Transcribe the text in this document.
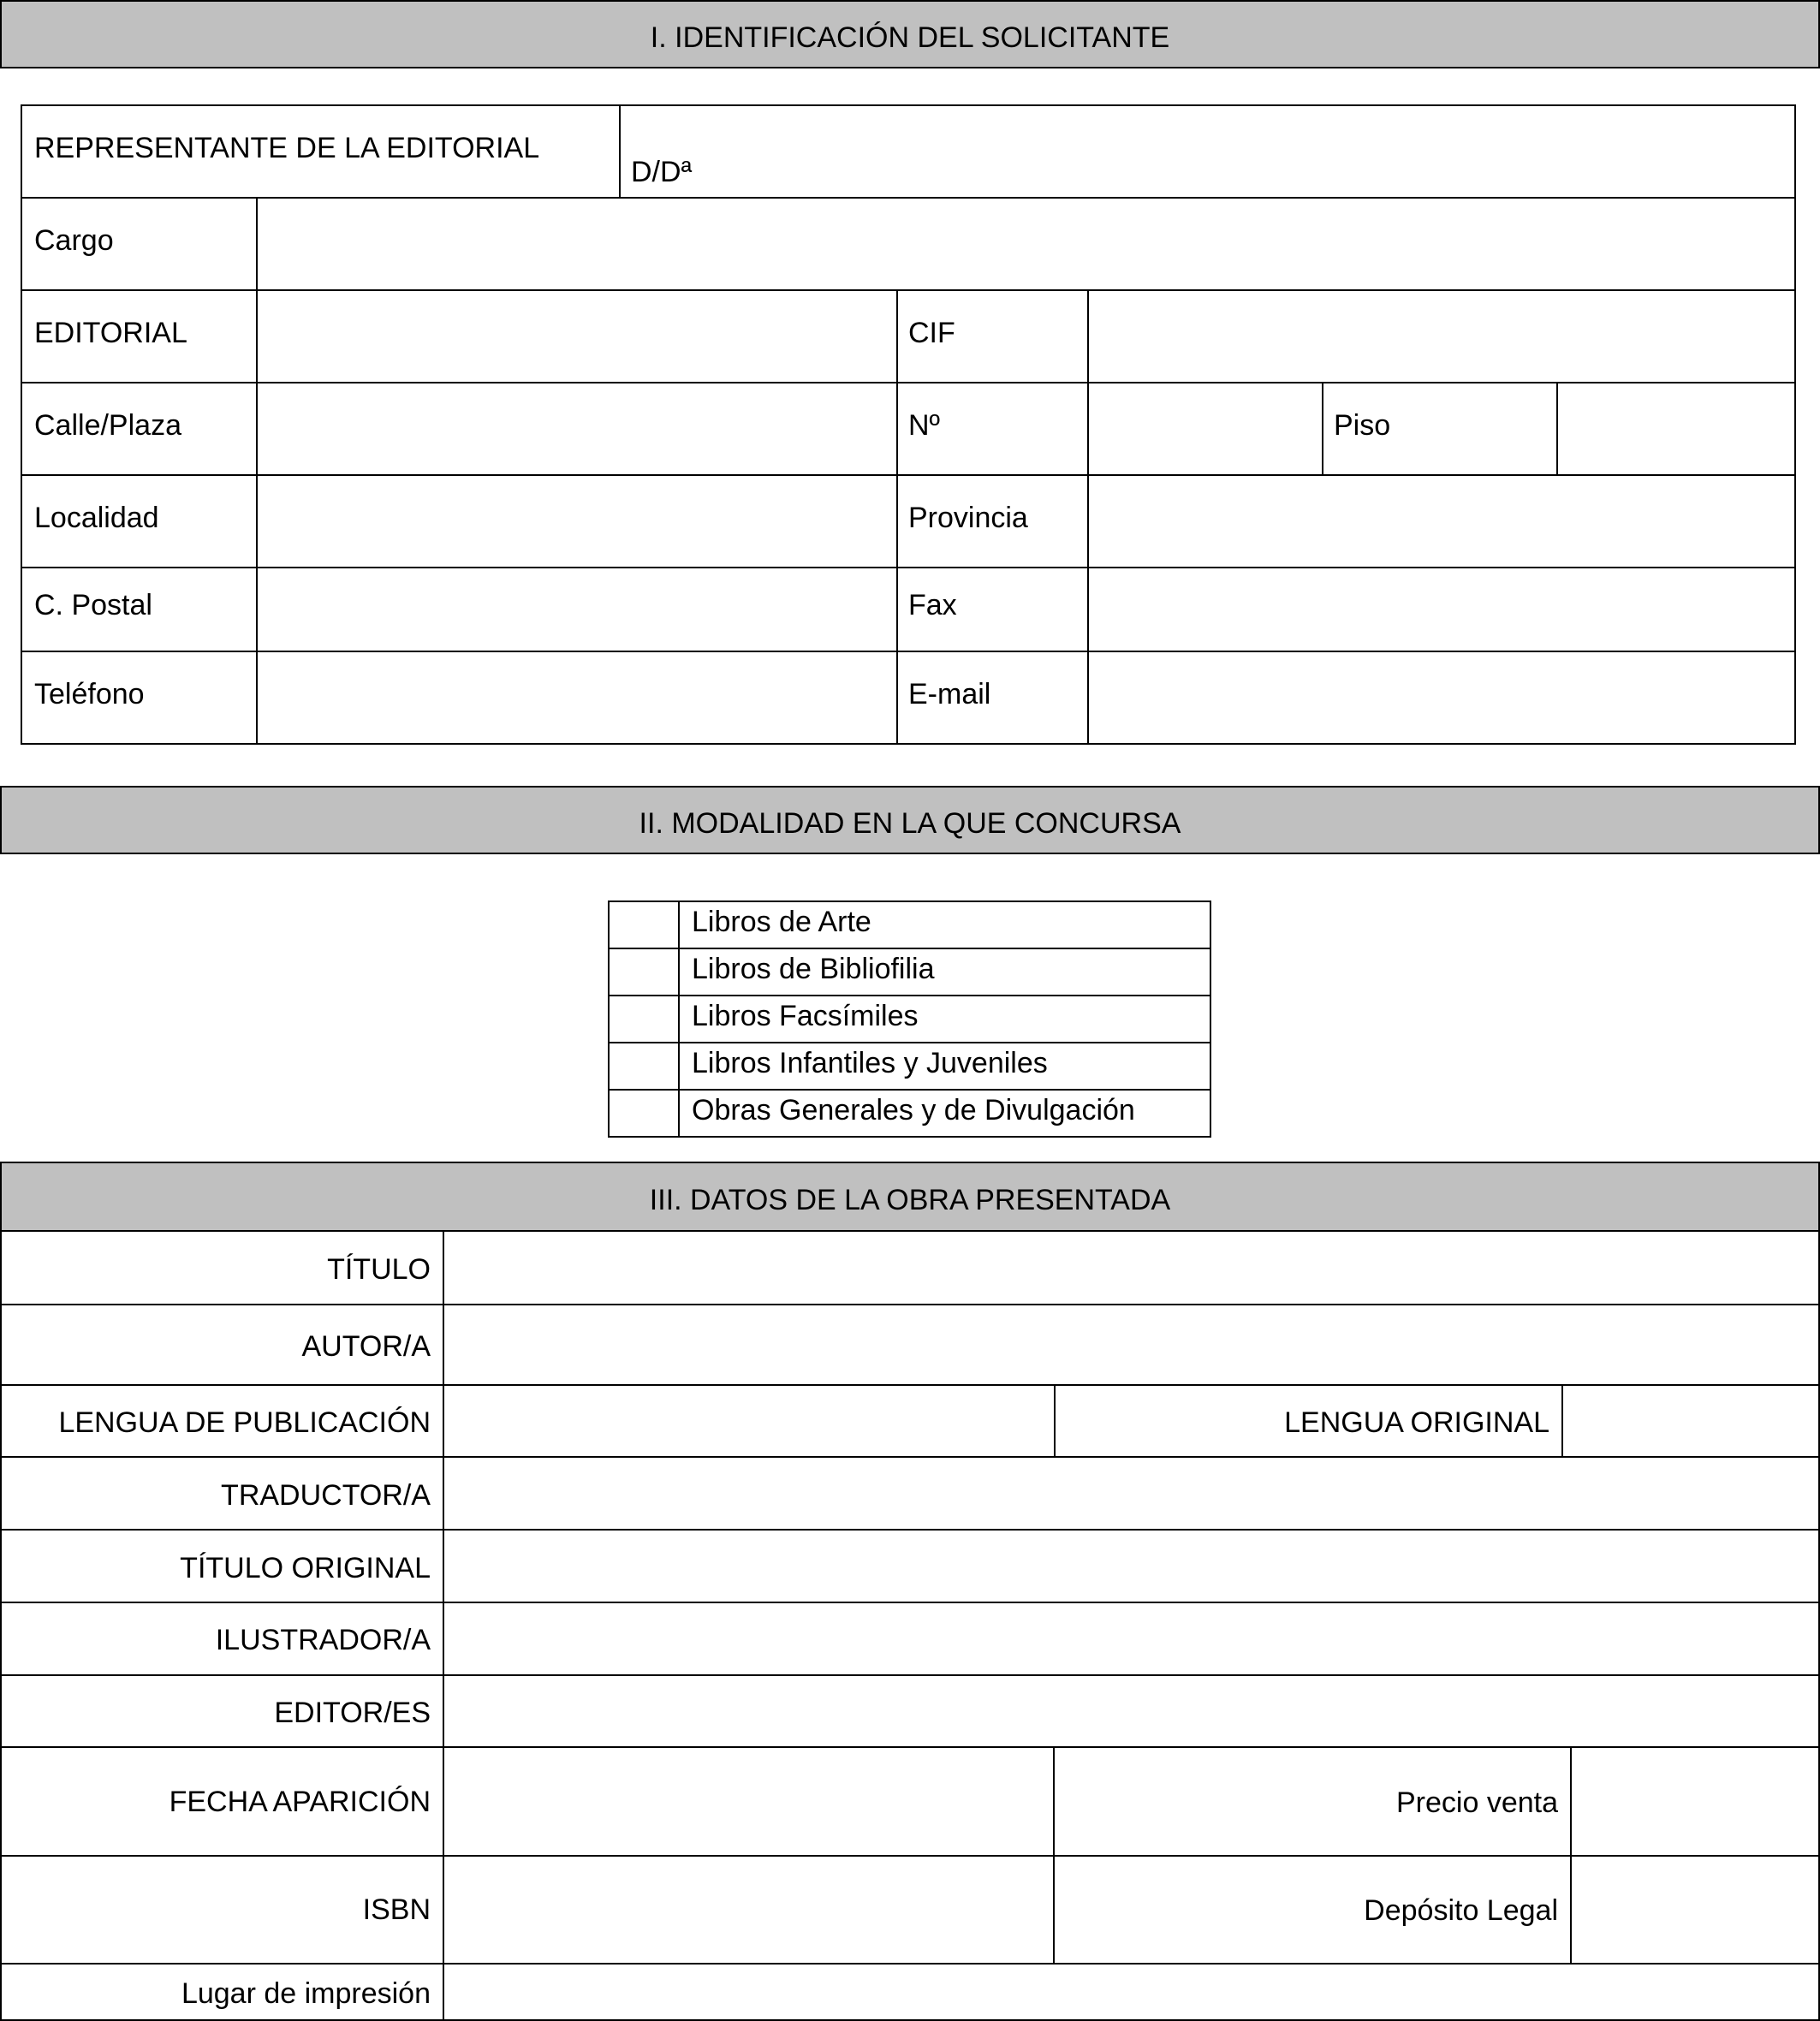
I. IDENTIFICACIÓN DEL SOLICITANTE
REPRESENTANTE DE LA EDITORIAL
D/Dª
Cargo
EDITORIAL	CIF
Calle/Plaza	Nº	Piso
Localidad	Provincia
C. Postal	Fax
Teléfono	E-mail
II. MODALIDAD EN LA QUE CONCURSA
Libros de Arte
Libros de Bibliofilia
Libros Facsímiles
Libros Infantiles y Juveniles
Obras Generales y de Divulgación
III. DATOS DE LA OBRA PRESENTADA
TÍTULO
AUTOR/A
LENGUA DE PUBLICACIÓN	LENGUA ORIGINAL
TRADUCTOR/A
TÍTULO ORIGINAL
ILUSTRADOR/A
EDITOR/ES
FECHA APARICIÓN	Precio venta
ISBN	Depósito Legal
Lugar de impresión
